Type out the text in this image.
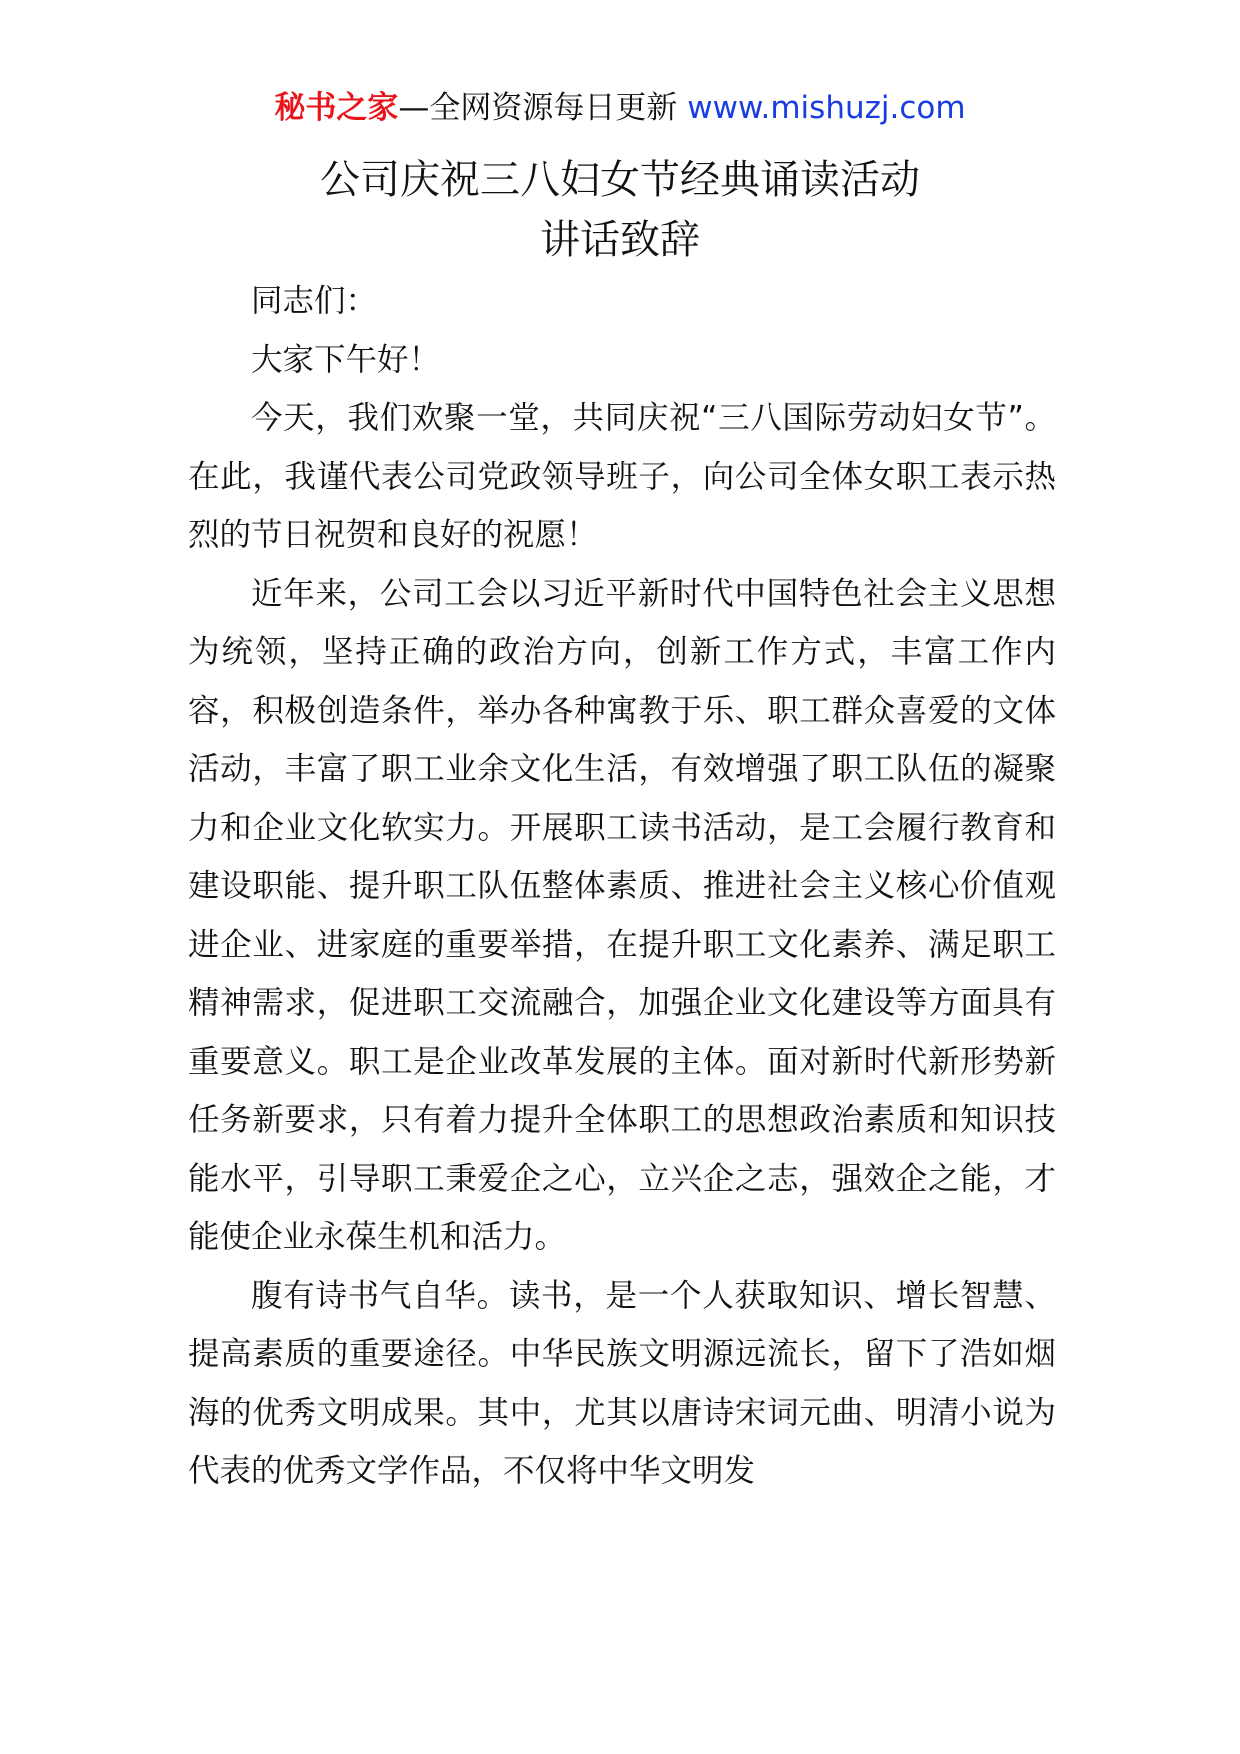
秘书之家—全网资源每日更新 www.mishuzj.com
公司庆祝三八妇女节经典诵读活动
讲话致辞

同志们：

大家下午好！

今天，我们欢聚一堂，共同庆祝“三八国际劳动妇女节”。在此，我谨代表公司党政领导班子，向公司全体女职工表示热烈的节日祝贺和良好的祝愿！

近年来，公司工会以习近平新时代中国特色社会主义思想为统领，坚持正确的政治方向，创新工作方式，丰富工作内容，积极创造条件，举办各种寓教于乐、职工群众喜爱的文体活动，丰富了职工业余文化生活，有效增强了职工队伍的凝聚力和企业文化软实力。开展职工读书活动，是工会履行教育和建设职能、提升职工队伍整体素质、推进社会主义核心价值观进企业、进家庭的重要举措，在提升职工文化素养、满足职工精神需求，促进职工交流融合，加强企业文化建设等方面具有重要意义。职工是企业改革发展的主体。面对新时代新形势新任务新要求，只有着力提升全体职工的思想政治素质和知识技能水平，引导职工秉爱企之心，立兴企之志，强效企之能，才能使企业永葆生机和活力。

腹有诗书气自华。读书，是一个人获取知识、增长智慧、提高素质的重要途径。中华民族文明源远流长，留下了浩如烟海的优秀文明成果。其中，尤其以唐诗宋词元曲、明清小说为代表的优秀文学作品，不仅将中华文明发
